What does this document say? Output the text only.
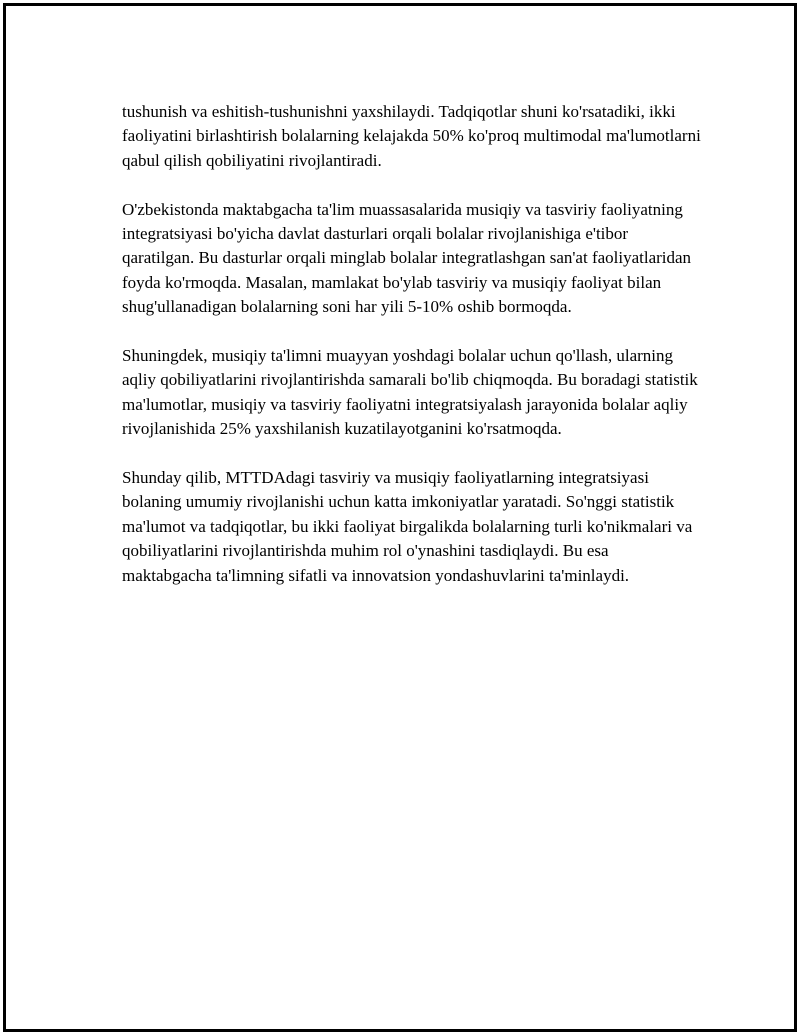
tushunish va eshitish-tushunishni yaxshilaydi. Tadqiqotlar shuni ko'rsatadiki, ikki faoliyatini birlashtirish bolalarning kelajakda 50% ko'proq multimodal ma'lumotlarni qabul qilish qobiliyatini rivojlantiradi.

O'zbekistonda maktabgacha ta'lim muassasalarida musiqiy va tasviriy faoliyatning integratsiyasi bo'yicha davlat dasturlari orqali bolalar rivojlanishiga e'tibor qaratilgan. Bu dasturlar orqali minglab bolalar integratlashgan san'at faoliyatlaridan foyda ko'rmoqda. Masalan, mamlakat bo'ylab tasviriy va musiqiy faoliyat bilan shug'ullanadigan bolalarning soni har yili 5-10% oshib bormoqda.

Shuningdek, musiqiy ta'limni muayyan yoshdagi bolalar uchun qo'llash, ularning aqliy qobiliyatlarini rivojlantirishda samarali bo'lib chiqmoqda. Bu boradagi statistik ma'lumotlar, musiqiy va tasviriy faoliyatni integratsiyalash jarayonida bolalar aqliy rivojlanishida 25% yaxshilanish kuzatilayotganini ko'rsatmoqda.

Shunday qilib, MTTDAdagi tasviriy va musiqiy faoliyatlarning integratsiyasi bolaning umumiy rivojlanishi uchun katta imkoniyatlar yaratadi. So'nggi statistik ma'lumot va tadqiqotlar, bu ikki faoliyat birgalikda bolalarning turli ko'nikmalari va qobiliyatlarini rivojlantirishda muhim rol o'ynashini tasdiqlaydi. Bu esa maktabgacha ta'limning sifatli va innovatsion yondashuvlarini ta'minlaydi.
